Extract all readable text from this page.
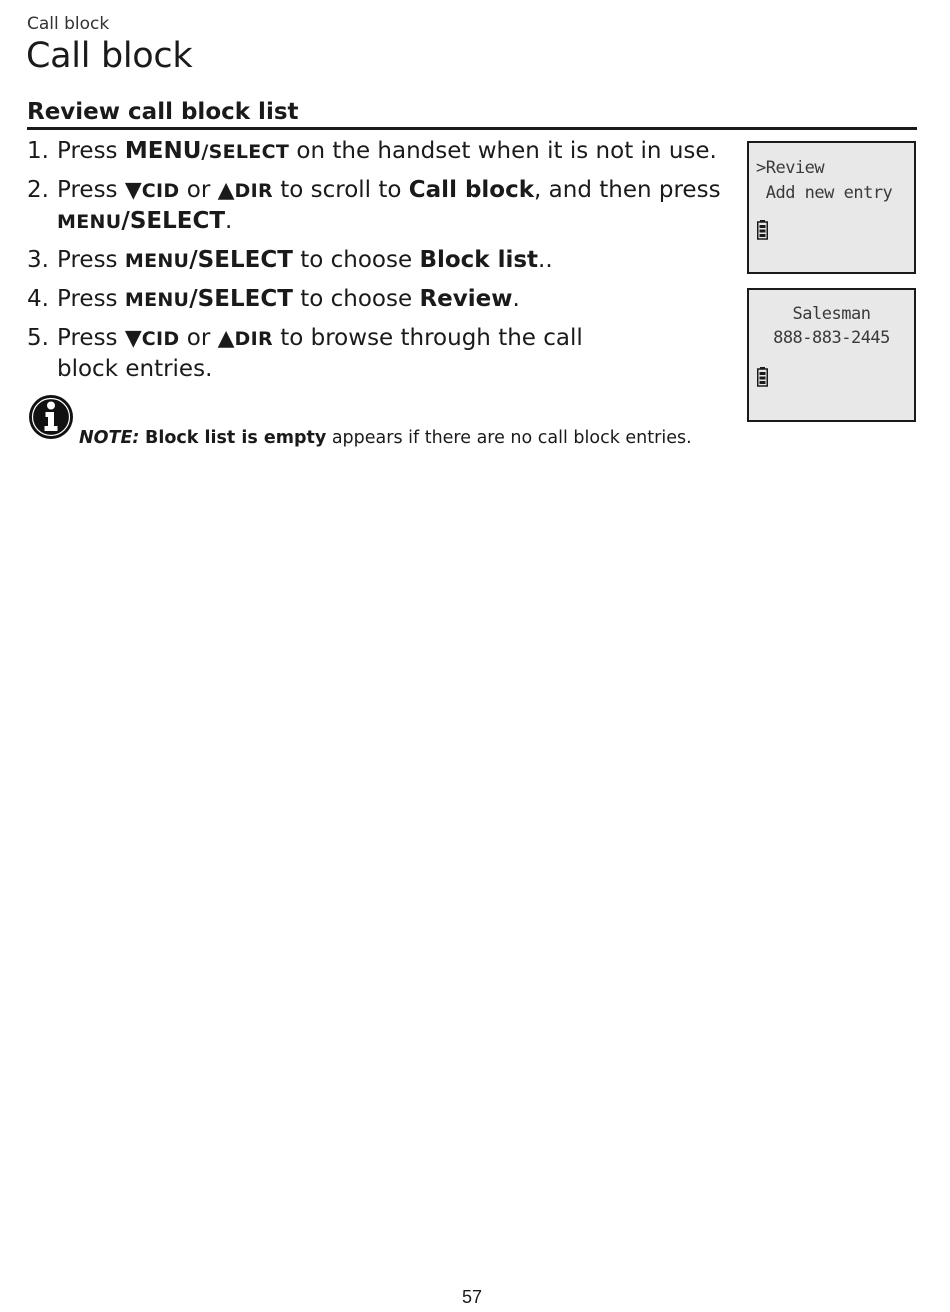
Call block
Call block
Review call block list
1. Press MENU/SELECT on the handset when it is not in use.
2. Press ▼CID or ▲DIR to scroll to Call block, and then press MENU/SELECT.
3. Press MENU/SELECT to choose Block list..
4. Press MENU/SELECT to choose Review.
5. Press ▼CID or ▲DIR to browse through the call
block entries.
>Review
Add new entry
Salesman
888-883-2445
NOTE: Block list is empty appears if there are no call block entries.
57
